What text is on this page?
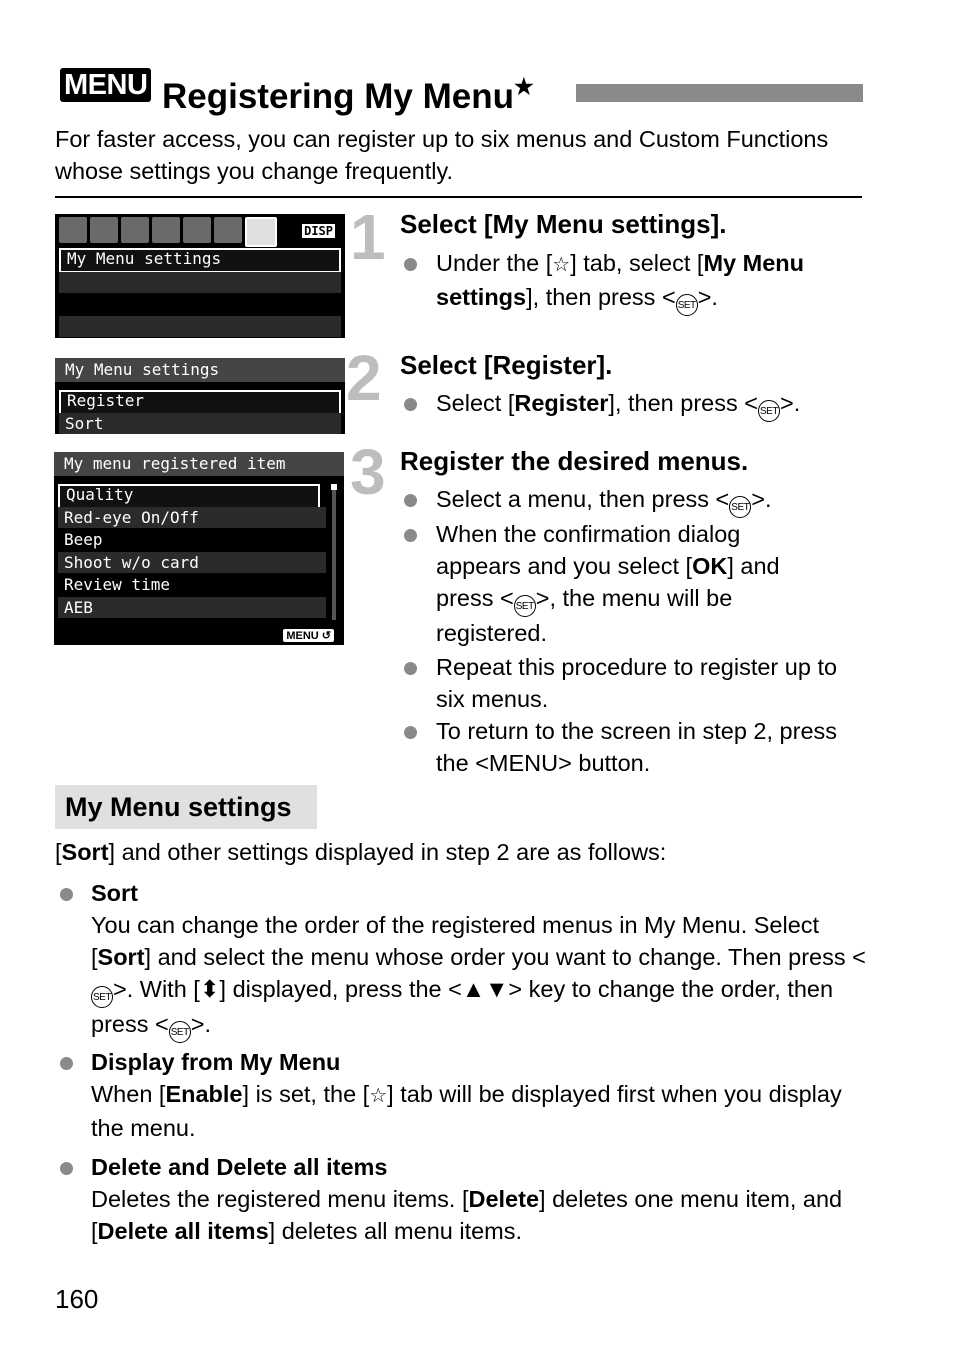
MENU Registering My Menu★
For faster access, you can register up to six menus and Custom Functions whose settings you change frequently.
DISP
My Menu settings
My Menu settings
Register
Sort
My menu registered item
Quality
Red-eye On/Off
Beep
Shoot w/o card
Review time
AEB
MENU ↺
1 Select [My Menu settings].
Under the [☆] tab, select [My Menu settings], then press < SET>.
2 Select [Register].
Select [Register], then press < SET>.
3 Register the desired menus.
Select a menu, then press < SET>.
When the confirmation dialog appears and you select [OK] and press < SET>, the menu will be registered.
Repeat this procedure to register up to six menus.
To return to the screen in step 2, press the <MENU> button.
My Menu settings
[Sort] and other settings displayed in step 2 are as follows:
Sort
You can change the order of the registered menus in My Menu. Select [Sort] and select the menu whose order you want to change. Then press <SET>. With [⬍] displayed, press the <▲▼> key to change the order, then press < SET>.
Display from My Menu
When [Enable] is set, the [☆] tab will be displayed first when you display the menu.
Delete and Delete all items
Deletes the registered menu items. [Delete] deletes one menu item, and [Delete all items] deletes all menu items.
160
